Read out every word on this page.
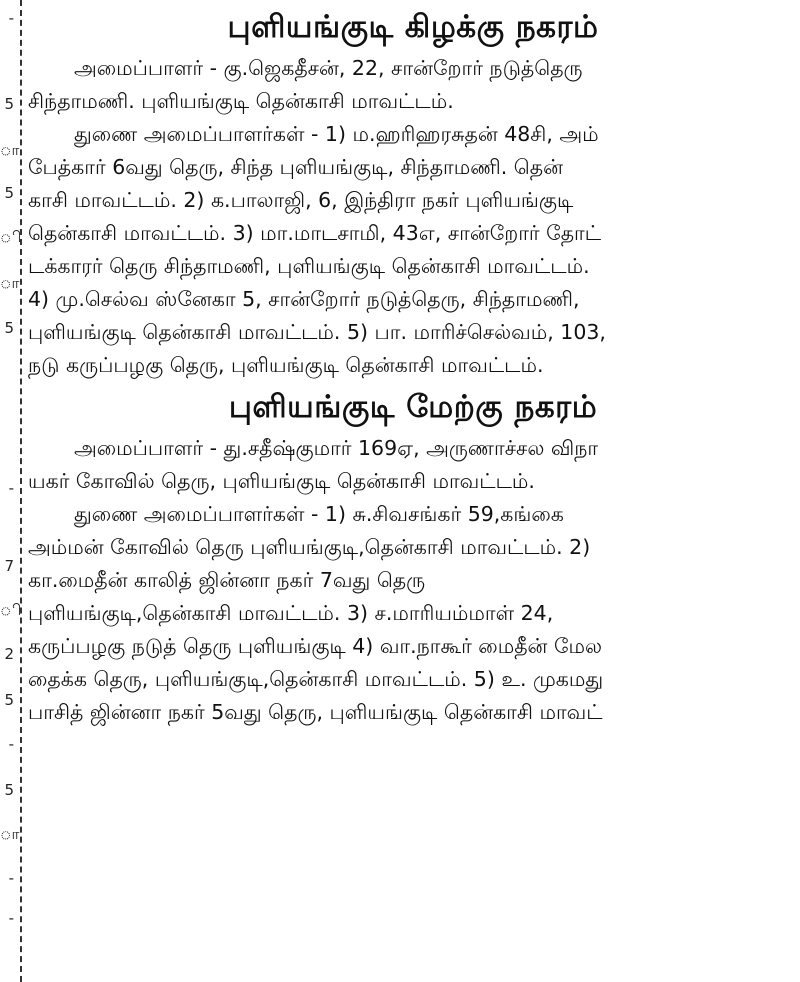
-
5
ா
5
ி
ா
5
-
7
ி
2
5
-
5
ா
-
-
புளியங்குடி கிழக்கு நகரம்
அமைப்பாளர் - கு.ஜெகதீசன், 22, சான்றோர் நடுத்தெரு
சிந்தாமணி. புளியங்குடி தென்காசி மாவட்டம்.
துணை அமைப்பாளர்கள் - 1) ம.ஹரிஹரசுதன் 48சி, அம்
பேத்கார் 6வது தெரு, சிந்த புளியங்குடி, சிந்தாமணி. தென்
காசி மாவட்டம். 2) க.பாலாஜி, 6, இந்திரா நகர் புளியங்குடி
தென்காசி மாவட்டம். 3) மா.மாடசாமி, 43எ, சான்றோர் தோட்
டக்காரர் தெரு சிந்தாமணி, புளியங்குடி தென்காசி மாவட்டம்.
4) மு.செல்வ ஸ்னேகா 5, சான்றோர் நடுத்தெரு, சிந்தாமணி,
புளியங்குடி தென்காசி மாவட்டம். 5) பா. மாரிச்செல்வம், 103,
நடு கருப்பழகு தெரு, புளியங்குடி தென்காசி மாவட்டம்.
புளியங்குடி மேற்கு நகரம்
அமைப்பாளர் - து.சதீஷ்குமார் 169ஏ, அருணாச்சல விநா
யகர் கோவில் தெரு, புளியங்குடி தென்காசி மாவட்டம்.
துணை அமைப்பாளர்கள் - 1) சு.சிவசங்கர் 59,கங்கை
அம்மன் கோவில் தெரு புளியங்குடி,தென்காசி மாவட்டம். 2)
கா.மைதீன் காலித் ஜின்னா நகர் 7வது தெரு
புளியங்குடி,தென்காசி மாவட்டம். 3) ச.மாரியம்மாள் 24,
கருப்பழகு நடுத் தெரு புளியங்குடி 4) வா.நாகூர் மைதீன் மேல
தைக்க தெரு, புளியங்குடி,தென்காசி மாவட்டம். 5) உ. முகமது
பாசித் ஜின்னா நகர் 5வது தெரு, புளியங்குடி தென்காசி மாவட்
